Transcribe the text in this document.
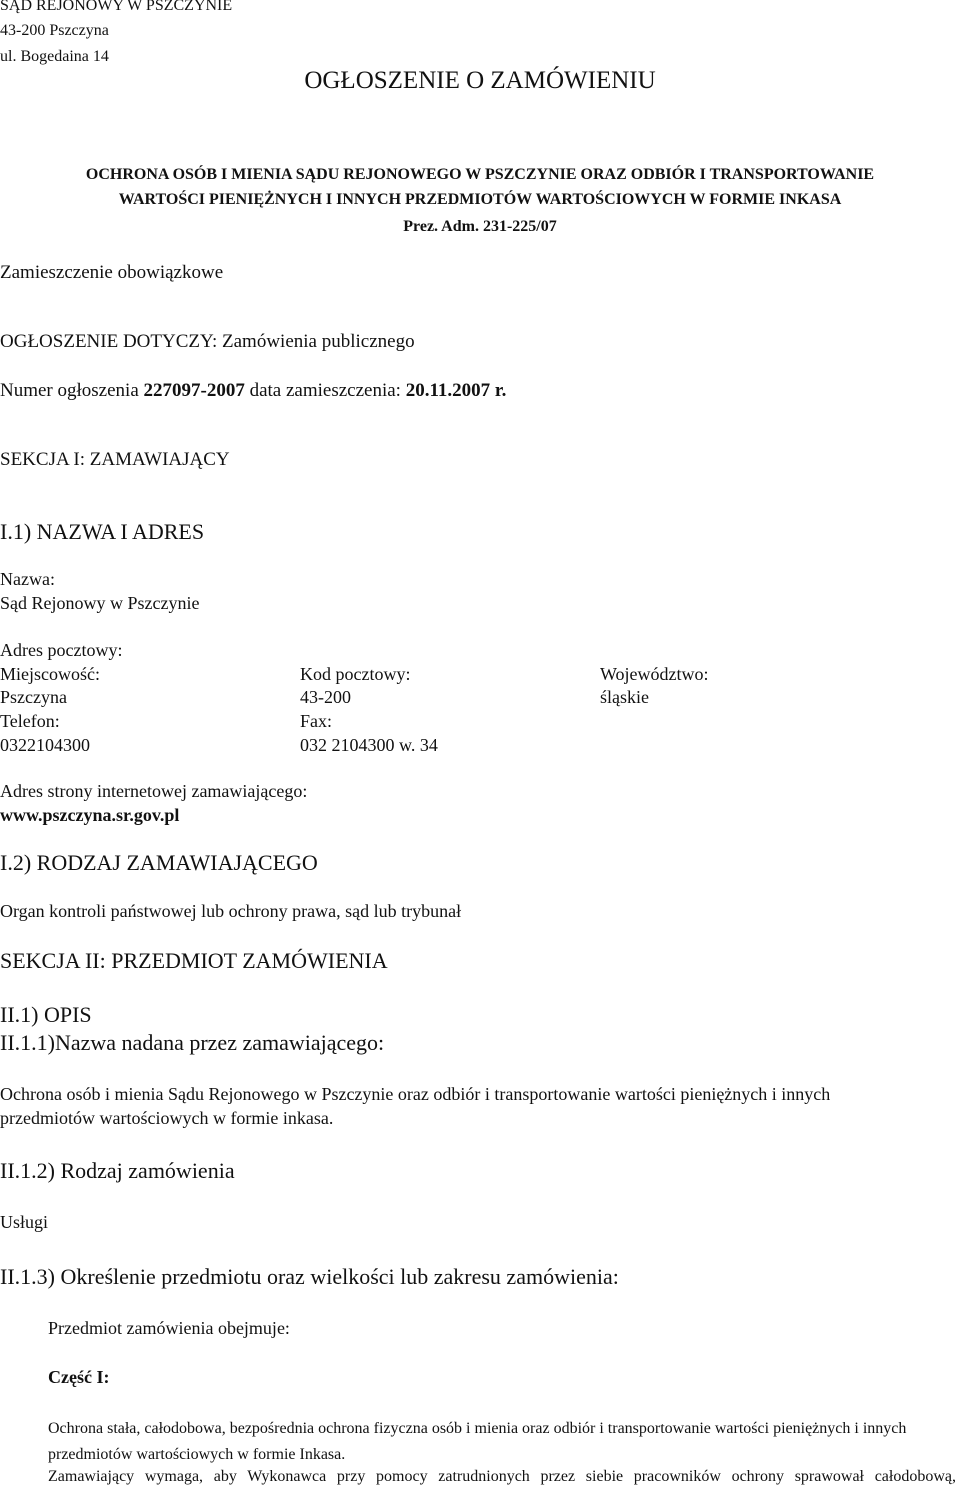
SĄD REJONOWY W PSZCZYNIE
43-200 Pszczyna
ul. Bogedaina 14
OGŁOSZENIE O ZAMÓWIENIU
OCHRONA OSÓB I MIENIA SĄDU REJONOWEGO W PSZCZYNIE ORAZ ODBIÓR I TRANSPORTOWANIE
WARTOŚCI PIENIĘŻNYCH I INNYCH PRZEDMIOTÓW WARTOŚCIOWYCH W FORMIE INKASA
Prez. Adm. 231-225/07
Zamieszczenie obowiązkowe
OGŁOSZENIE DOTYCZY: Zamówienia publicznego
Numer ogłoszenia 227097-2007 data zamieszczenia: 20.11.2007 r.
SEKCJA I: ZAMAWIAJĄCY
I.1) NAZWA I ADRES
Nazwa:
Sąd Rejonowy w Pszczynie
Adres pocztowy:
Miejscowość:	Kod pocztowy:	Województwo:
Pszczyna	43-200	śląskie
Telefon:	Fax:
0322104300	032 2104300 w. 34
Adres strony internetowej zamawiającego:
www.pszczyna.sr.gov.pl
I.2) RODZAJ ZAMAWIAJĄCEGO
Organ kontroli państwowej lub ochrony prawa, sąd lub trybunał
SEKCJA II: PRZEDMIOT ZAMÓWIENIA
II.1) OPIS
II.1.1)Nazwa nadana przez zamawiającego:
Ochrona osób i mienia Sądu Rejonowego w Pszczynie oraz odbiór i transportowanie wartości pieniężnych i innych
przedmiotów wartościowych w formie inkasa.
II.1.2) Rodzaj zamówienia
Usługi
II.1.3) Określenie przedmiotu oraz wielkości lub zakresu zamówienia:
Przedmiot zamówienia obejmuje:
Część I:
Ochrona stała, całodobowa, bezpośrednia ochrona fizyczna osób i mienia oraz odbiór i transportowanie wartości pieniężnych i innych
przedmiotów wartościowych w formie Inkasa.
Zamawiający wymaga, aby Wykonawca przy pomocy zatrudnionych przez siebie pracowników ochrony sprawował całodobową,
